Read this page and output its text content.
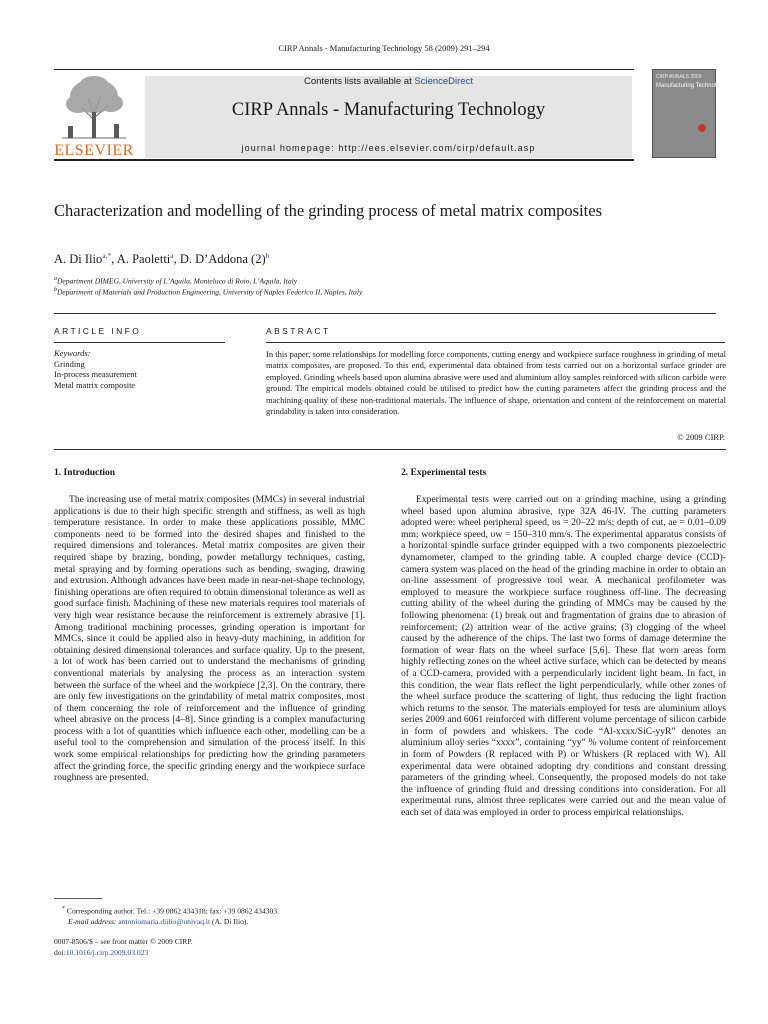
CIRP Annals - Manufacturing Technology 58 (2009) 291–294
ELSEVIER
Contents lists available at ScienceDirect
CIRP Annals - Manufacturing Technology
journal homepage: http://ees.elsevier.com/cirp/default.asp
CIRP ANNALS 2009
Manufacturing Technology
Characterization and modelling of the grinding process of metal matrix composites
A. Di Ilio$^{a,*}$, A. Paoletti$^a$, D. D’Addona $(2)^b$
$^a$Department DIMEG, University of L’Aquila, Monteluco di Roio, L’Aquila, Italy
$^b$Department of Materials and Production Engineering, University of Naples Federico II, Naples, Italy
ARTICLE INFO
Keywords:
Grinding
In-process measurement
Metal matrix composite
ABSTRACT
In this paper, some relationships for modelling force components, cutting energy and workpiece surface roughness in grinding of metal matrix composites, are proposed. To this end, experimental data obtained from tests carried out on a horizontal surface grinder are employed. Grinding wheels based upon alumina abrasive were used and aluminium alloy samples reinforced with silicon carbide were ground. The empirical models obtained could be utilised to predict how the cutting parameters affect the grinding process and the machining quality of these non-traditional materials. The influence of shape, orientation and content of the reinforcement on material grindability is taken into consideration.
© 2009 CIRP.
1. Introduction

The increasing use of metal matrix composites (MMCs) in several industrial applications is due to their high specific strength and stiffness, as well as high temperature resistance. In order to make these applications possible, MMC components need to be formed into the desired shapes and finished to the required dimensions and tolerances. Metal matrix composites are given their required shape by brazing, bonding, powder metallurgy techniques, casting, metal spraying and by forming operations such as bending, swaging, drawing and extrusion. Although advances have been made in near-net-shape technology, finishing operations are often required to obtain dimensional tolerance as well as good surface finish. Machining of these new materials requires tool materials of very high wear resistance because the reinforcement is extremely abrasive [1]. Among traditional machining processes, grinding operation is important for MMCs, since it could be applied also in heavy-duty machining, in addition for obtaining desired dimensional tolerances and surface quality. Up to the present, a lot of work has been carried out to understand the mechanisms of grinding conventional materials by analysing the process as an interaction system between the surface of the wheel and the workpiece [2,3]. On the contrary, there are only few investigations on the grindability of metal matrix composites, most of them concerning the role of reinforcement and the influence of grinding wheel abrasive on the process [4–8]. Since grinding is a complex manufacturing process with a lot of quantities which influence each other, modelling can be a useful tool to the comprehension and simulation of the process itself. In this work some empirical relationships for predicting how the grinding parameters affect the grinding force, the specific grinding energy and the workpiece surface roughness are presented.

2. Experimental tests

Experimental tests were carried out on a grinding machine, using a grinding wheel based upon alumina abrasive, type 32A 46-IV. The cutting parameters adopted were: wheel peripheral speed, υs = 20–22 m/s; depth of cut, ae = 0.01–0.09 mm; workpiece speed, υw = 150–310 mm/s. The experimental apparatus consists of a horizontal spindle surface grinder equipped with a two components piezoelectric dynamometer, clamped to the grinding table. A coupled charge device (CCD)-camera system was placed on the head of the grinding machine in order to obtain an on-line assessment of progressive tool wear. A mechanical profilometer was employed to measure the workpiece surface roughness off-line. The decreasing cutting ability of the wheel during the grinding of MMCs may be caused by the following phenomena: (1) break out and fragmentation of grains due to abrasion of reinforcement; (2) attrition wear of the active grains; (3) clogging of the wheel caused by the adherence of the chips. The last two forms of damage determine the formation of wear flats on the wheel surface [5,6]. These flat worn areas form highly reflecting zones on the wheel active surface, which can be detected by means of a CCD-camera, provided with a perpendicularly incident light beam. In fact, in this condition, the wear flats reflect the light perpendicularly, while other zones of the wheel surface produce the scattering of light, thus reducing the light fraction which returns to the sensor. The materials employed for tests are aluminium alloys series 2009 and 6061 reinforced with different volume percentage of silicon carbide in form of powders and whiskers. The code “Al-xxxx/SiC-yyR” denotes an aluminium alloy series “xxxx”, containing “yy” % volume content of reinforcement in form of Powders (R replaced with P) or Whiskers (R replaced with W). All experimental data were obtained adopting dry conditions and constant dressing parameters of the grinding wheel. Consequently, the proposed models do not take the influence of grinding fluid and dressing conditions into consideration. For all experimental runs, almost three replicates were carried out and the mean value of each set of data was employed in order to process empirical relationships.

* Corresponding author. Tel.: +39 0862 434318; fax: +39 0862 434303.
E-mail address: antoniomaria.diilio@univaq.it (A. Di Ilio).
0007-8506/$ – see front matter © 2009 CIRP.
doi:10.1016/j.cirp.2009.03.023
